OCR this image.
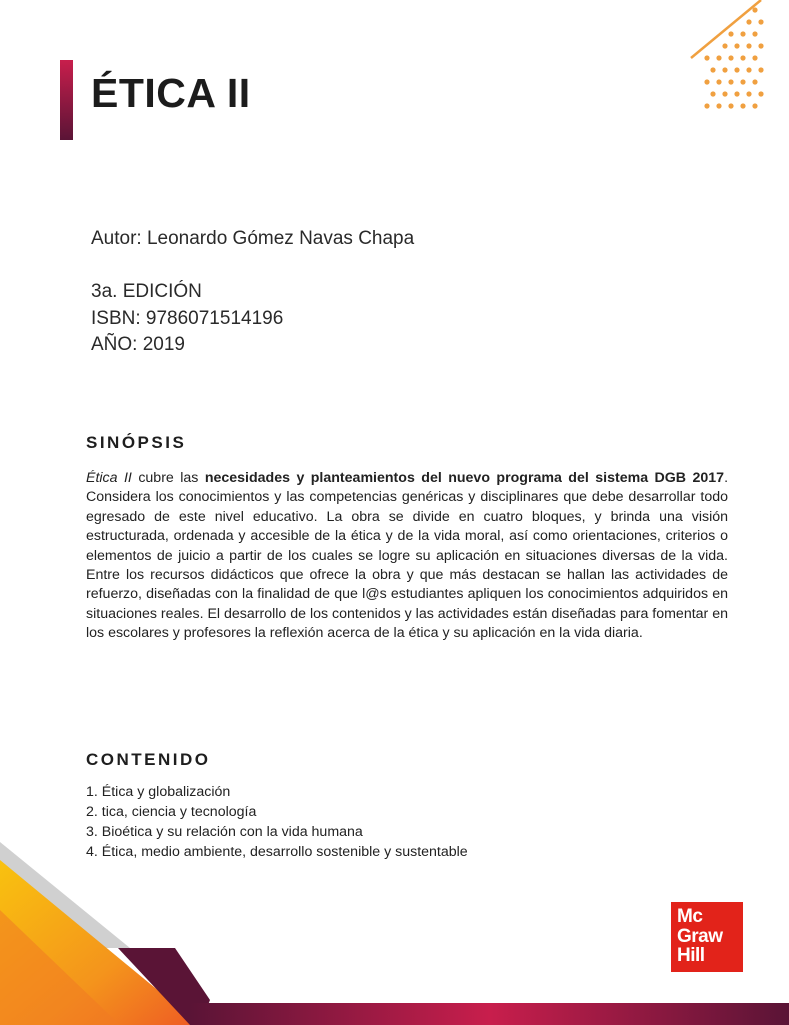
ÉTICA II

Autor: Leonardo Gómez Navas Chapa

3a. EDICIÓN

ISBN: 9786071514196

AÑO: 2019

SINÓPSIS

Ética II cubre las necesidades y planteamientos del nuevo programa del sistema DGB 2017. Considera los conocimientos y las competencias genéricas y disciplinares que debe desarrollar todo egresado de este nivel educativo. La obra se divide en cuatro bloques, y brinda una visión estructurada, ordenada y accesible de la ética y de la vida moral, así como orientaciones, criterios o elementos de juicio a partir de los cuales se logre su aplicación en situaciones diversas de la vida. Entre los recursos didácticos que ofrece la obra y que más destacan se hallan las actividades de refuerzo, diseñadas con la finalidad de que l@s estudiantes apliquen los conocimientos adquiridos en situaciones reales. El desarrollo de los contenidos y las actividades están diseñadas para fomentar en los escolares y profesores la reflexión acerca de la ética y su aplicación en la vida diaria.

CONTENIDO
1. Ética y globalización
2. tica, ciencia y tecnología
3. Bioética y su relación con la vida humana
4. Ética, medio ambiente, desarrollo sostenible y sustentable
Mc
Graw
Hill
